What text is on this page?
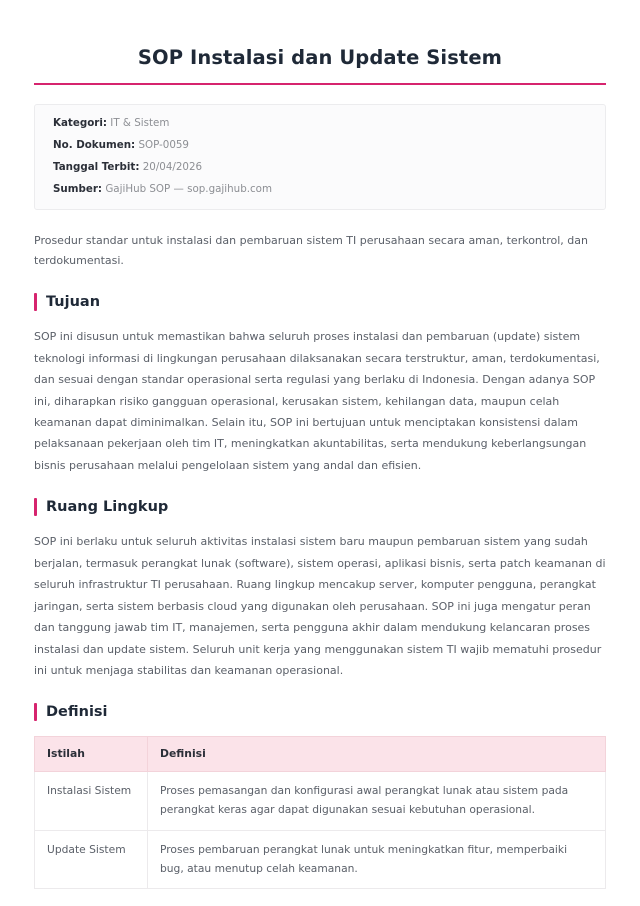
SOP Instalasi dan Update Sistem
Kategori: IT & Sistem
No. Dokumen: SOP-0059
Tanggal Terbit: 20/04/2026
Sumber: GajiHub SOP — sop.gajihub.com

Prosedur standar untuk instalasi dan pembaruan sistem TI perusahaan secara aman, terkontrol, dan terdokumentasi.

Tujuan

SOP ini disusun untuk memastikan bahwa seluruh proses instalasi dan pembaruan (update) sistem teknologi informasi di lingkungan perusahaan dilaksanakan secara terstruktur, aman, terdokumentasi, dan sesuai dengan standar operasional serta regulasi yang berlaku di Indonesia. Dengan adanya SOP ini, diharapkan risiko gangguan operasional, kerusakan sistem, kehilangan data, maupun celah keamanan dapat diminimalkan. Selain itu, SOP ini bertujuan untuk menciptakan konsistensi dalam pelaksanaan pekerjaan oleh tim IT, meningkatkan akuntabilitas, serta mendukung keberlangsungan bisnis perusahaan melalui pengelolaan sistem yang andal dan efisien.

Ruang Lingkup

SOP ini berlaku untuk seluruh aktivitas instalasi sistem baru maupun pembaruan sistem yang sudah berjalan, termasuk perangkat lunak (software), sistem operasi, aplikasi bisnis, serta patch keamanan di seluruh infrastruktur TI perusahaan. Ruang lingkup mencakup server, komputer pengguna, perangkat jaringan, serta sistem berbasis cloud yang digunakan oleh perusahaan. SOP ini juga mengatur peran dan tanggung jawab tim IT, manajemen, serta pengguna akhir dalam mendukung kelancaran proses instalasi dan update sistem. Seluruh unit kerja yang menggunakan sistem TI wajib mematuhi prosedur ini untuk menjaga stabilitas dan keamanan operasional.

Definisi
Istilah	Definisi
Instalasi Sistem	Proses pemasangan dan konfigurasi awal perangkat lunak atau sistem pada perangkat keras agar dapat digunakan sesuai kebutuhan operasional.
Update Sistem	Proses pembaruan perangkat lunak untuk meningkatkan fitur, memperbaiki bug, atau menutup celah keamanan.
